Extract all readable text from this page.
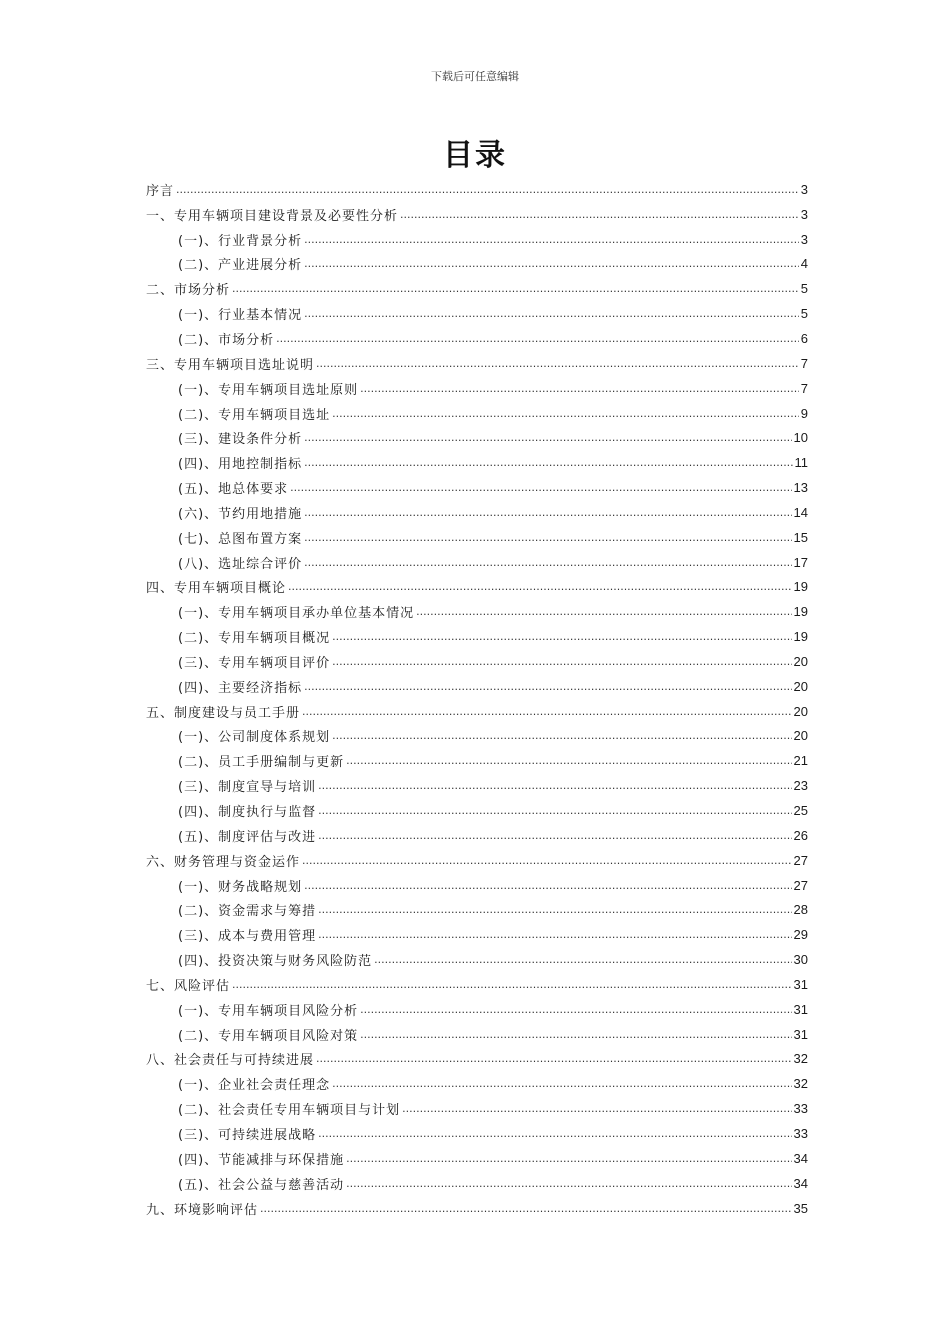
下载后可任意编辑
目录
序言 .....	3
一、专用车辆项目建设背景及必要性分析 .....	3
(一)、行业背景分析 .....	3
(二)、产业进展分析 .....	4
二、市场分析 .....	5
(一)、行业基本情况 .....	5
(二)、市场分析 .....	6
三、专用车辆项目选址说明 .....	7
(一)、专用车辆项目选址原则 .....	7
(二)、专用车辆项目选址 .....	9
(三)、建设条件分析 .....	10
(四)、用地控制指标 .....	11
(五)、地总体要求 .....	13
(六)、节约用地措施 .....	14
(七)、总图布置方案 .....	15
(八)、选址综合评价 .....	17
四、专用车辆项目概论 .....	19
(一)、专用车辆项目承办单位基本情况 .....	19
(二)、专用车辆项目概况 .....	19
(三)、专用车辆项目评价 .....	20
(四)、主要经济指标 .....	20
五、制度建设与员工手册 .....	20
(一)、公司制度体系规划 .....	20
(二)、员工手册编制与更新 .....	21
(三)、制度宣导与培训 .....	23
(四)、制度执行与监督 .....	25
(五)、制度评估与改进 .....	26
六、财务管理与资金运作 .....	27
(一)、财务战略规划 .....	27
(二)、资金需求与筹措 .....	28
(三)、成本与费用管理 .....	29
(四)、投资决策与财务风险防范 .....	30
七、风险评估 .....	31
(一)、专用车辆项目风险分析 .....	31
(二)、专用车辆项目风险对策 .....	31
八、社会责任与可持续进展 .....	32
(一)、企业社会责任理念 .....	32
(二)、社会责任专用车辆项目与计划 .....	33
(三)、可持续进展战略 .....	33
(四)、节能减排与环保措施 .....	34
(五)、社会公益与慈善活动 .....	34
九、环境影响评估 .....	35
